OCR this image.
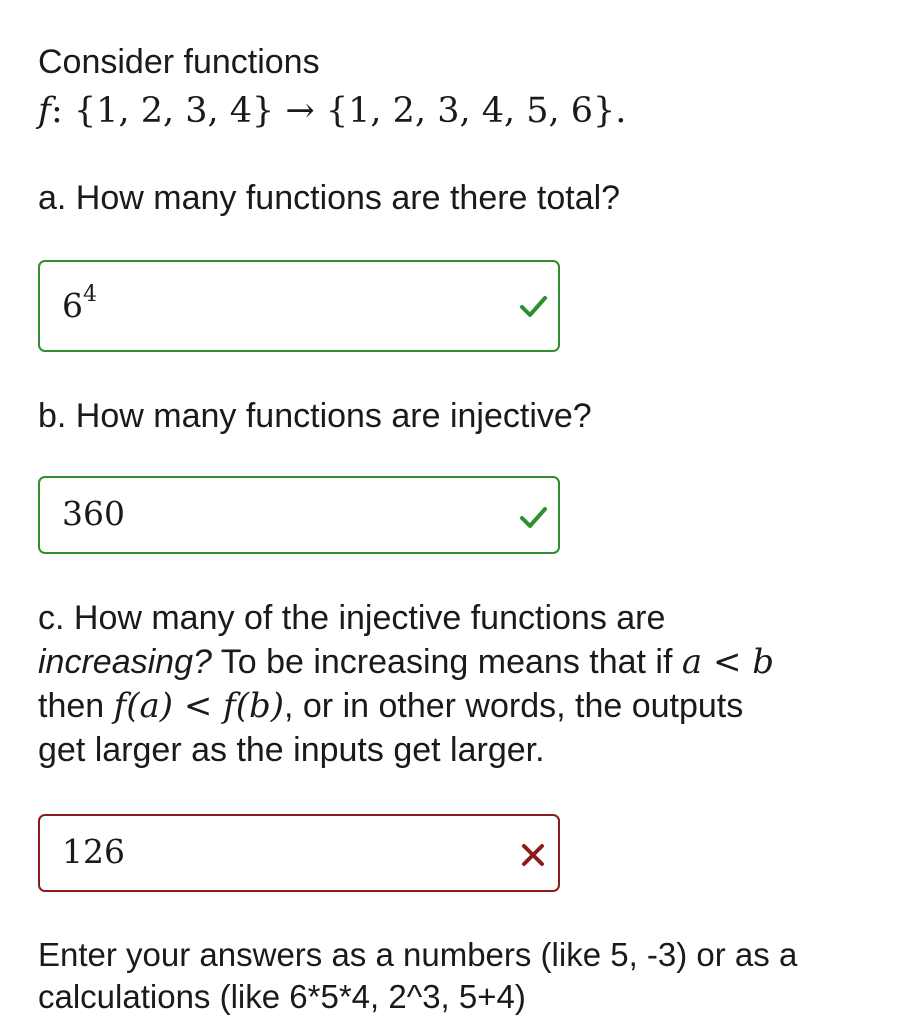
Consider functions
f: {1, 2, 3, 4} → {1, 2, 3, 4, 5, 6}.
a. How many functions are there total?
$6^4$
b. How many functions are injective?
360
c. How many of the injective functions are
increasing? To be increasing means that if a < b
then f(a) < f(b), or in other words, the outputs
get larger as the inputs get larger.
126
Enter your answers as a numbers (like 5, -3) or as a
calculations (like 6*5*4, 2^3, 5+4)
